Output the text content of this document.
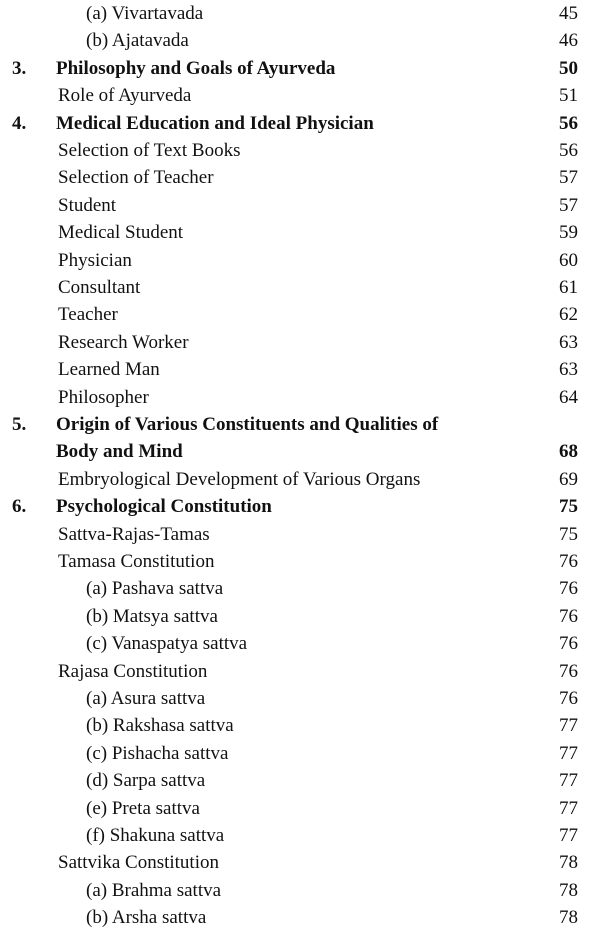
(a) Vivartavada	45
(b) Ajatavada	46
3. Philosophy and Goals of Ayurveda	50
Role of Ayurveda	51
4. Medical Education and Ideal Physician	56
Selection of Text Books	56
Selection of Teacher	57
Student	57
Medical Student	59
Physician	60
Consultant	61
Teacher	62
Research Worker	63
Learned Man	63
Philosopher	64
5. Origin of Various Constituents and Qualities of
Body and Mind	68
Embryological Development of Various Organs	69
6. Psychological Constitution	75
Sattva-Rajas-Tamas	75
Tamasa Constitution	76
(a) Pashava sattva	76
(b) Matsya sattva	76
(c) Vanaspatya sattva	76
Rajasa Constitution	76
(a) Asura sattva	76
(b) Rakshasa sattva	77
(c) Pishacha sattva	77
(d) Sarpa sattva	77
(e) Preta sattva	77
(f) Shakuna sattva	77
Sattvika Constitution	78
(a) Brahma sattva	78
(b) Arsha sattva	78
